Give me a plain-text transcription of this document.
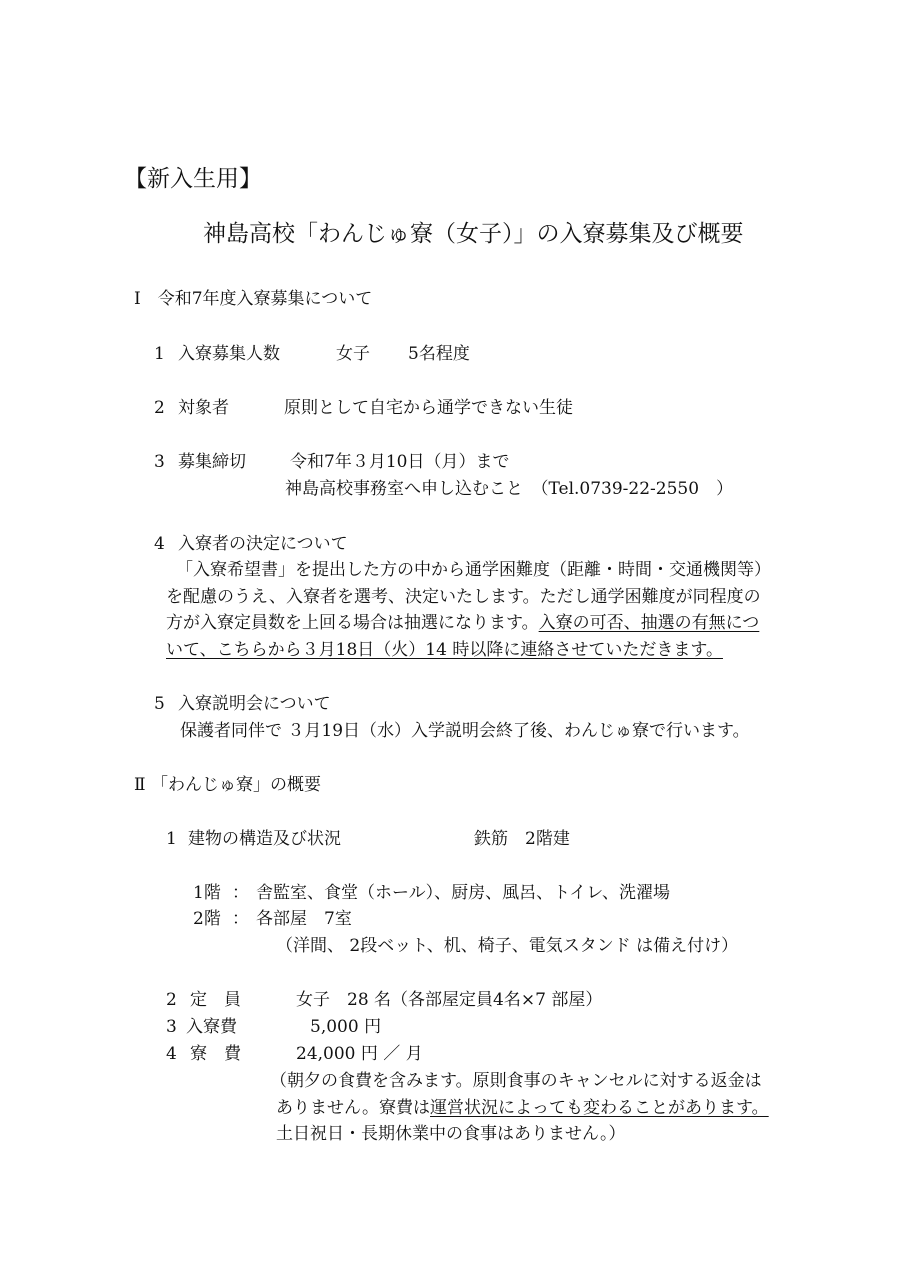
【新入生用】
神島高校「わんじゅ寮（女子）」の入寮募集及び概要
Ⅰ　令和7年度入寮募集について
1 入寮募集人数	女子 5名程度
2 対象者	原則として自宅から通学できない生徒
3 募集締切	令和7年３月10日（月）まで
神島高校事務室へ申し込むこと　（Tel.0739-22-2550　）
4 入寮者の決定について
「入寮希望書」を提出した方の中から通学困難度（距離・時間・交通機関等）
を配慮のうえ、入寮者を選考、決定いたします。ただし通学困難度が同程度の
方が入寮定員数を上回る場合は抽選になります。入寮の可否、抽選の有無につ
いて、こちらから３月18日（火）14 時以降に連絡させていただきます。
5 入寮説明会について
保護者同伴で ３月19日（水）入学説明会終了後、わんじゅ寮で行います。
Ⅱ 「わんじゅ寮」の概要
1 建物の構造及び状況	鉄筋　2階建
1階 ： 舎監室、食堂（ホール）、厨房、風呂、トイレ、洗濯場
2階 ： 各部屋　7室
（洋間、 2段ベット、机、椅子、電気スタンド は備え付け）
2 定　員	女子　28 名（各部屋定員4名×7 部屋）
3 入寮費	5,000 円
4 寮　費	24,000 円 ／ 月
（朝夕の食費を含みます。原則食事のキャンセルに対する返金は
ありません。寮費は運営状況によっても変わることがあります。
土日祝日・長期休業中の食事はありません。）
